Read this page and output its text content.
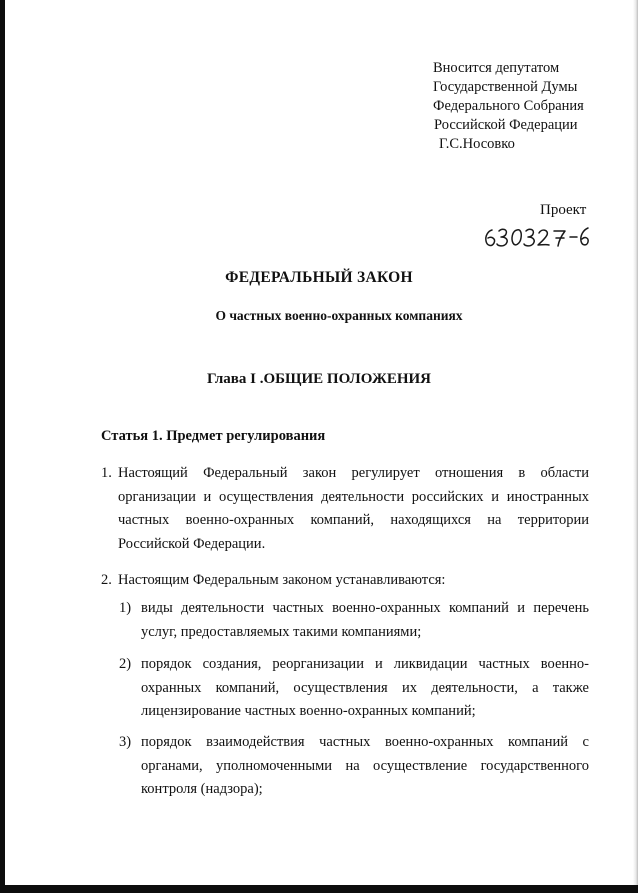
Вносится депутатом
Государственной Думы
Федерального Собрания
Российской Федерации
Г.С.Носовко
Проект
ФЕДЕРАЛЬНЫЙ ЗАКОН
О частных военно-охранных компаниях
Глава I .ОБЩИЕ ПОЛОЖЕНИЯ
Статья 1. Предмет регулирования
1. Настоящий Федеральный закон регулирует отношения в области организации и осуществления деятельности российских и иностранных частных военно-охранных компаний, находящихся на территории Российской Федерации.
2. Настоящим Федеральным законом устанавливаются:
1) виды деятельности частных военно-охранных компаний и перечень услуг, предоставляемых такими компаниями;
2) порядок создания, реорганизации и ликвидации частных военно-охранных компаний, осуществления их деятельности, а также лицензирование частных военно-охранных компаний;
3) порядок взаимодействия частных военно-охранных компаний с органами, уполномоченными на осуществление государственного контроля (надзора);
